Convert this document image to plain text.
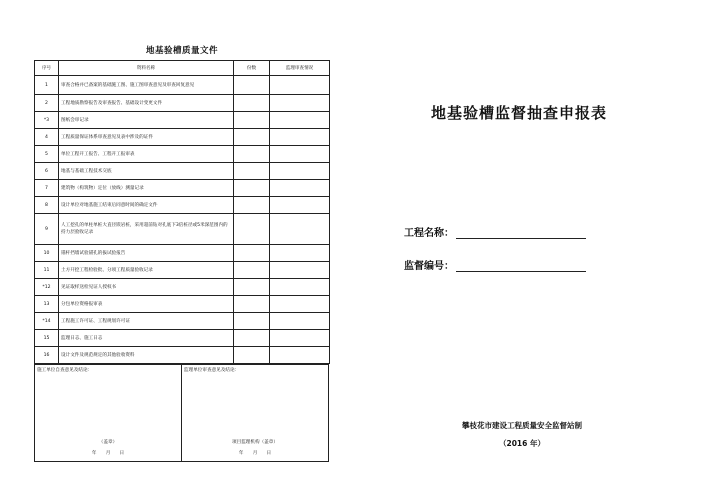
地基验槽质量文件
序号	资料名称	份数	监理审查情况
1	审查合格并已备案的基础施工图、施工图审查意见及审查回复意见		
2	工程地质勘察报告及审查报告、基础设计变更文件		
*3	图纸会审记录		
4	工程质量保证体系审查意见及表中涉及的证件		
5	单位工程开工报告、工程开工报审表		
6	地基与基础工程技术交底		
7	建筑物（构筑物）定位（放线）测量记录		
8	设计单位对地基施工结束后同意时间的确定文件		
9	人工挖孔的单柱单桩大直径嵌岩桩，采用超前钻对孔底下3倍桩径或5米深范围内的持力层验收记录		
10	锚杆挡墙试验锚孔的拔试验报告		
11	土方开挖工程检验批、分项工程质量验收记录		
*12	见证取样送检见证人授权书		
13	分包单位资格报审表		
*14	工程施工许可证、工程规划许可证		
15	监理日志、施工日志		
16	设计文件及规范规定的其他验收资料		
施工单位自查意见及结论：
（盖章）
年　　月　　日
监理单位审查意见及结论：
项目监理机构（盖章）
年　　月　　日
地基验槽监督抽查申报表
工程名称：
监督编号：
攀枝花市建设工程质量安全监督站制
（2016 年）
